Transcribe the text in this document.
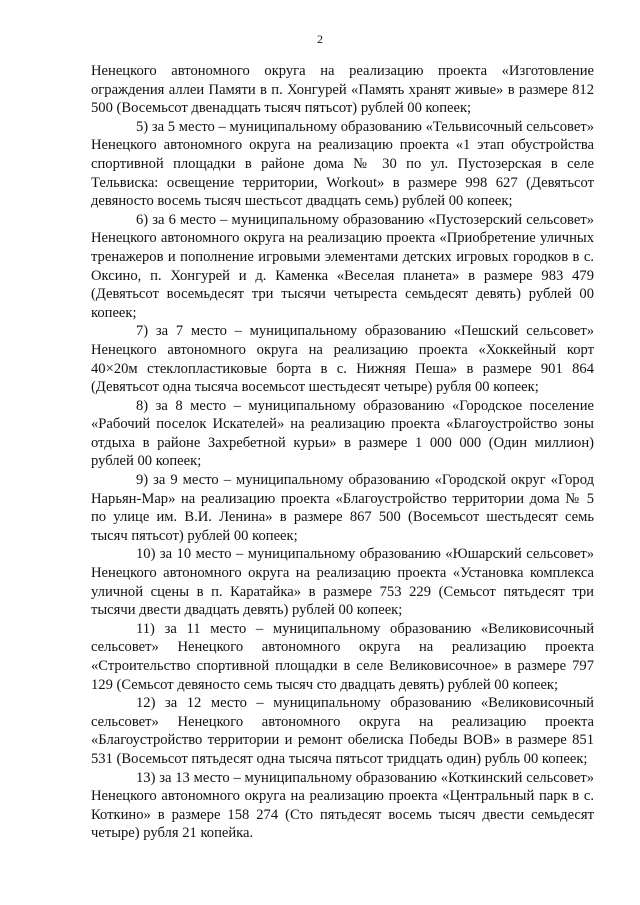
2

Ненецкого автономного округа на реализацию проекта «Изготовление ограждения аллеи Памяти в п. Хонгурей «Память хранят живые» в размере 812 500 (Восемьсот двенадцать тысяч пятьсот) рублей 00 копеек;

5) за 5 место – муниципальному образованию «Тельвисочный сельсовет» Ненецкого автономного округа на реализацию проекта «1 этап обустройства спортивной площадки в районе дома № 30 по ул. Пустозерская в селе Тельвиска: освещение территории, Workout» в размере 998 627 (Девятьсот девяносто восемь тысяч шестьсот двадцать семь) рублей 00 копеек;

6) за 6 место – муниципальному образованию «Пустозерский сельсовет» Ненецкого автономного округа на реализацию проекта «Приобретение уличных тренажеров и пополнение игровыми элементами детских игровых городков в с. Оксино, п. Хонгурей и д. Каменка «Веселая планета» в размере 983 479 (Девятьсот восемьдесят три тысячи четыреста семьдесят девять) рублей 00 копеек;

7) за 7 место – муниципальному образованию «Пешский сельсовет» Ненецкого автономного округа на реализацию проекта «Хоккейный корт 40×20м стеклопластиковые борта в с. Нижняя Пеша» в размере 901 864 (Девятьсот одна тысяча восемьсот шестьдесят четыре) рубля 00 копеек;

8) за 8 место – муниципальному образованию «Городское поселение «Рабочий поселок Искателей» на реализацию проекта «Благоустройство зоны отдыха в районе Захребетной курьи» в размере 1 000 000 (Один миллион) рублей 00 копеек;

9) за 9 место – муниципальному образованию «Городской округ «Город Нарьян-Мар» на реализацию проекта «Благоустройство территории дома № 5 по улице им. В.И. Ленина» в размере 867 500 (Восемьсот шестьдесят семь тысяч пятьсот) рублей 00 копеек;

10) за 10 место – муниципальному образованию «Юшарский сельсовет» Ненецкого автономного округа на реализацию проекта «Установка комплекса уличной сцены в п. Каратайка» в размере 753 229 (Семьсот пятьдесят три тысячи двести двадцать девять) рублей 00 копеек;

11) за 11 место – муниципальному образованию «Великовисочный сельсовет» Ненецкого автономного округа на реализацию проекта «Строительство спортивной площадки в селе Великовисочное» в размере 797 129 (Семьсот девяносто семь тысяч сто двадцать девять) рублей 00 копеек;

12) за 12 место – муниципальному образованию «Великовисочный сельсовет» Ненецкого автономного округа на реализацию проекта «Благоустройство территории и ремонт обелиска Победы ВОВ» в размере 851 531 (Восемьсот пятьдесят одна тысяча пятьсот тридцать один) рубль 00 копеек;

13) за 13 место – муниципальному образованию «Коткинский сельсовет» Ненецкого автономного округа на реализацию проекта «Центральный парк в с. Коткино» в размере 158 274 (Сто пятьдесят восемь тысяч двести семьдесят четыре) рубля 21 копейка.
